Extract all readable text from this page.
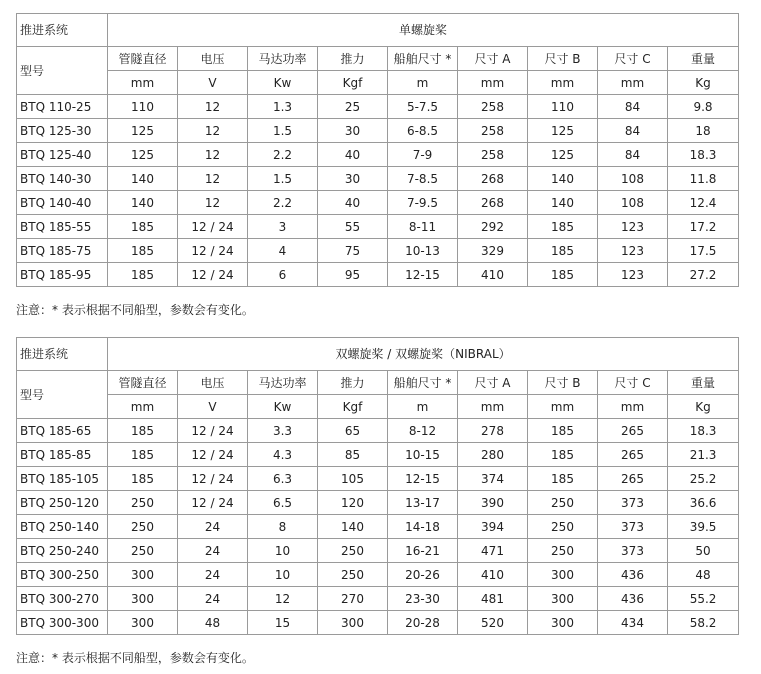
推进系统	单螺旋桨								
型号	管隧直径	电压	马达功率	推力	船舶尺寸 *	尺寸 A	尺寸 B	尺寸 C	重量
	mm	V	Kw	Kgf	m	mm	mm	mm	Kg
BTQ 110-25	110	12	1.3	25	5-7.5	258	110	84	9.8
BTQ 125-30	125	12	1.5	30	6-8.5	258	125	84	18
BTQ 125-40	125	12	2.2	40	7-9	258	125	84	18.3
BTQ 140-30	140	12	1.5	30	7-8.5	268	140	108	11.8
BTQ 140-40	140	12	2.2	40	7-9.5	268	140	108	12.4
BTQ 185-55	185	12 / 24	3	55	8-11	292	185	123	17.2
BTQ 185-75	185	12 / 24	4	75	10-13	329	185	123	17.5
BTQ 185-95	185	12 / 24	6	95	12-15	410	185	123	27.2
注意：* 表示根据不同船型，参数会有变化。
推进系统	双螺旋桨 / 双螺旋桨（NIBRAL）								
型号	管隧直径	电压	马达功率	推力	船舶尺寸 *	尺寸 A	尺寸 B	尺寸 C	重量
	mm	V	Kw	Kgf	m	mm	mm	mm	Kg
BTQ 185-65	185	12 / 24	3.3	65	8-12	278	185	265	18.3
BTQ 185-85	185	12 / 24	4.3	85	10-15	280	185	265	21.3
BTQ 185-105	185	12 / 24	6.3	105	12-15	374	185	265	25.2
BTQ 250-120	250	12 / 24	6.5	120	13-17	390	250	373	36.6
BTQ 250-140	250	24	8	140	14-18	394	250	373	39.5
BTQ 250-240	250	24	10	250	16-21	471	250	373	50
BTQ 300-250	300	24	10	250	20-26	410	300	436	48
BTQ 300-270	300	24	12	270	23-30	481	300	436	55.2
BTQ 300-300	300	48	15	300	20-28	520	300	434	58.2
注意：* 表示根据不同船型，参数会有变化。
